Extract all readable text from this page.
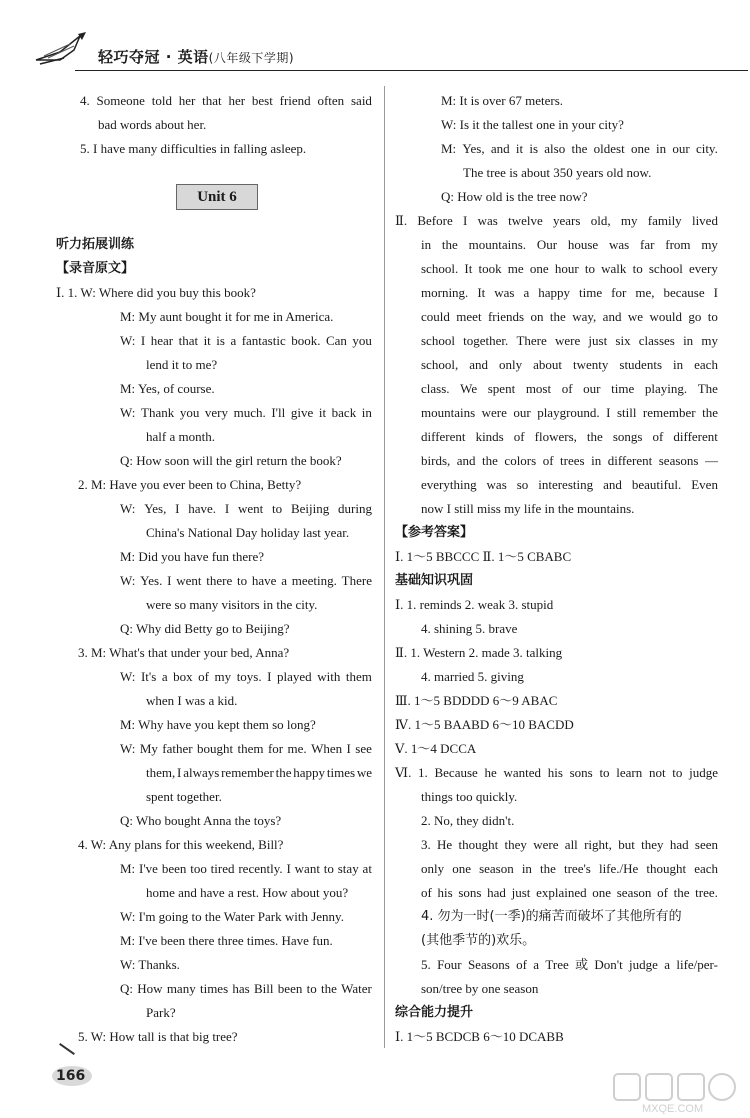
轻巧夺冠 · 英语(八年级下学期)
Unit 6
4. Someone told her that her best friend often said
bad words about her.
5. I have many difficulties in falling asleep.
听力拓展训练
【录音原文】
Ⅰ. 1. W: Where did you buy this book?
M: My aunt bought it for me in America.
W: I hear that it is a fantastic book. Can you
lend it to me?
M: Yes, of course.
W: Thank you very much. I'll give it back in
half a month.
Q: How soon will the girl return the book?
2. M: Have you ever been to China, Betty?
W: Yes, I have. I went to Beijing during
China's National Day holiday last year.
M: Did you have fun there?
W: Yes. I went there to have a meeting. There
were so many visitors in the city.
Q: Why did Betty go to Beijing?
3. M: What's that under your bed, Anna?
W: It's a box of my toys. I played with them
when I was a kid.
M: Why have you kept them so long?
W: My father bought them for me. When I see
them, I always remember the happy times we
spent together.
Q: Who bought Anna the toys?
4. W: Any plans for this weekend, Bill?
M: I've been too tired recently. I want to stay at
home and have a rest. How about you?
W: I'm going to the Water Park with Jenny.
M: I've been there three times. Have fun.
W: Thanks.
Q: How many times has Bill been to the Water
Park?
5. W: How tall is that big tree?
M: It is over 67 meters.
W: Is it the tallest one in your city?
M: Yes, and it is also the oldest one in our city.
The tree is about 350 years old now.
Q: How old is the tree now?
Ⅱ. Before I was twelve years old, my family lived
in the mountains. Our house was far from my
school. It took me one hour to walk to school every
morning. It was a happy time for me, because I
could meet friends on the way, and we would go to
school together. There were just six classes in my
school, and only about twenty students in each
class. We spent most of our time playing. The
mountains were our playground. I still remember the
different kinds of flowers, the songs of different
birds, and the colors of trees in different seasons —
everything was so interesting and beautiful. Even
now I still miss my life in the mountains.
【参考答案】
Ⅰ. 1～5 BBCCC Ⅱ. 1～5 CBABC
基础知识巩固
Ⅰ. 1. reminds 2. weak 3. stupid
4. shining 5. brave
Ⅱ. 1. Western 2. made 3. talking
4. married 5. giving
Ⅲ. 1～5 BDDDD 6～9 ABAC
Ⅳ. 1～5 BAABD 6～10 BACDD
Ⅴ. 1～4 DCCA
Ⅵ. 1. Because he wanted his sons to learn not to judge
things too quickly.
2. No, they didn't.
3. He thought they were all right, but they had seen
only one season in the tree's life./He thought each
of his sons had just explained one season of the tree.
4. 勿为一时(一季)的痛苦而破坏了其他所有的
(其他季节的)欢乐。
5. Four Seasons of a Tree 或 Don't judge a life/per-
son/tree by one season
综合能力提升
Ⅰ. 1～5 BCDCB 6～10 DCABB
166
MXQE.COM
